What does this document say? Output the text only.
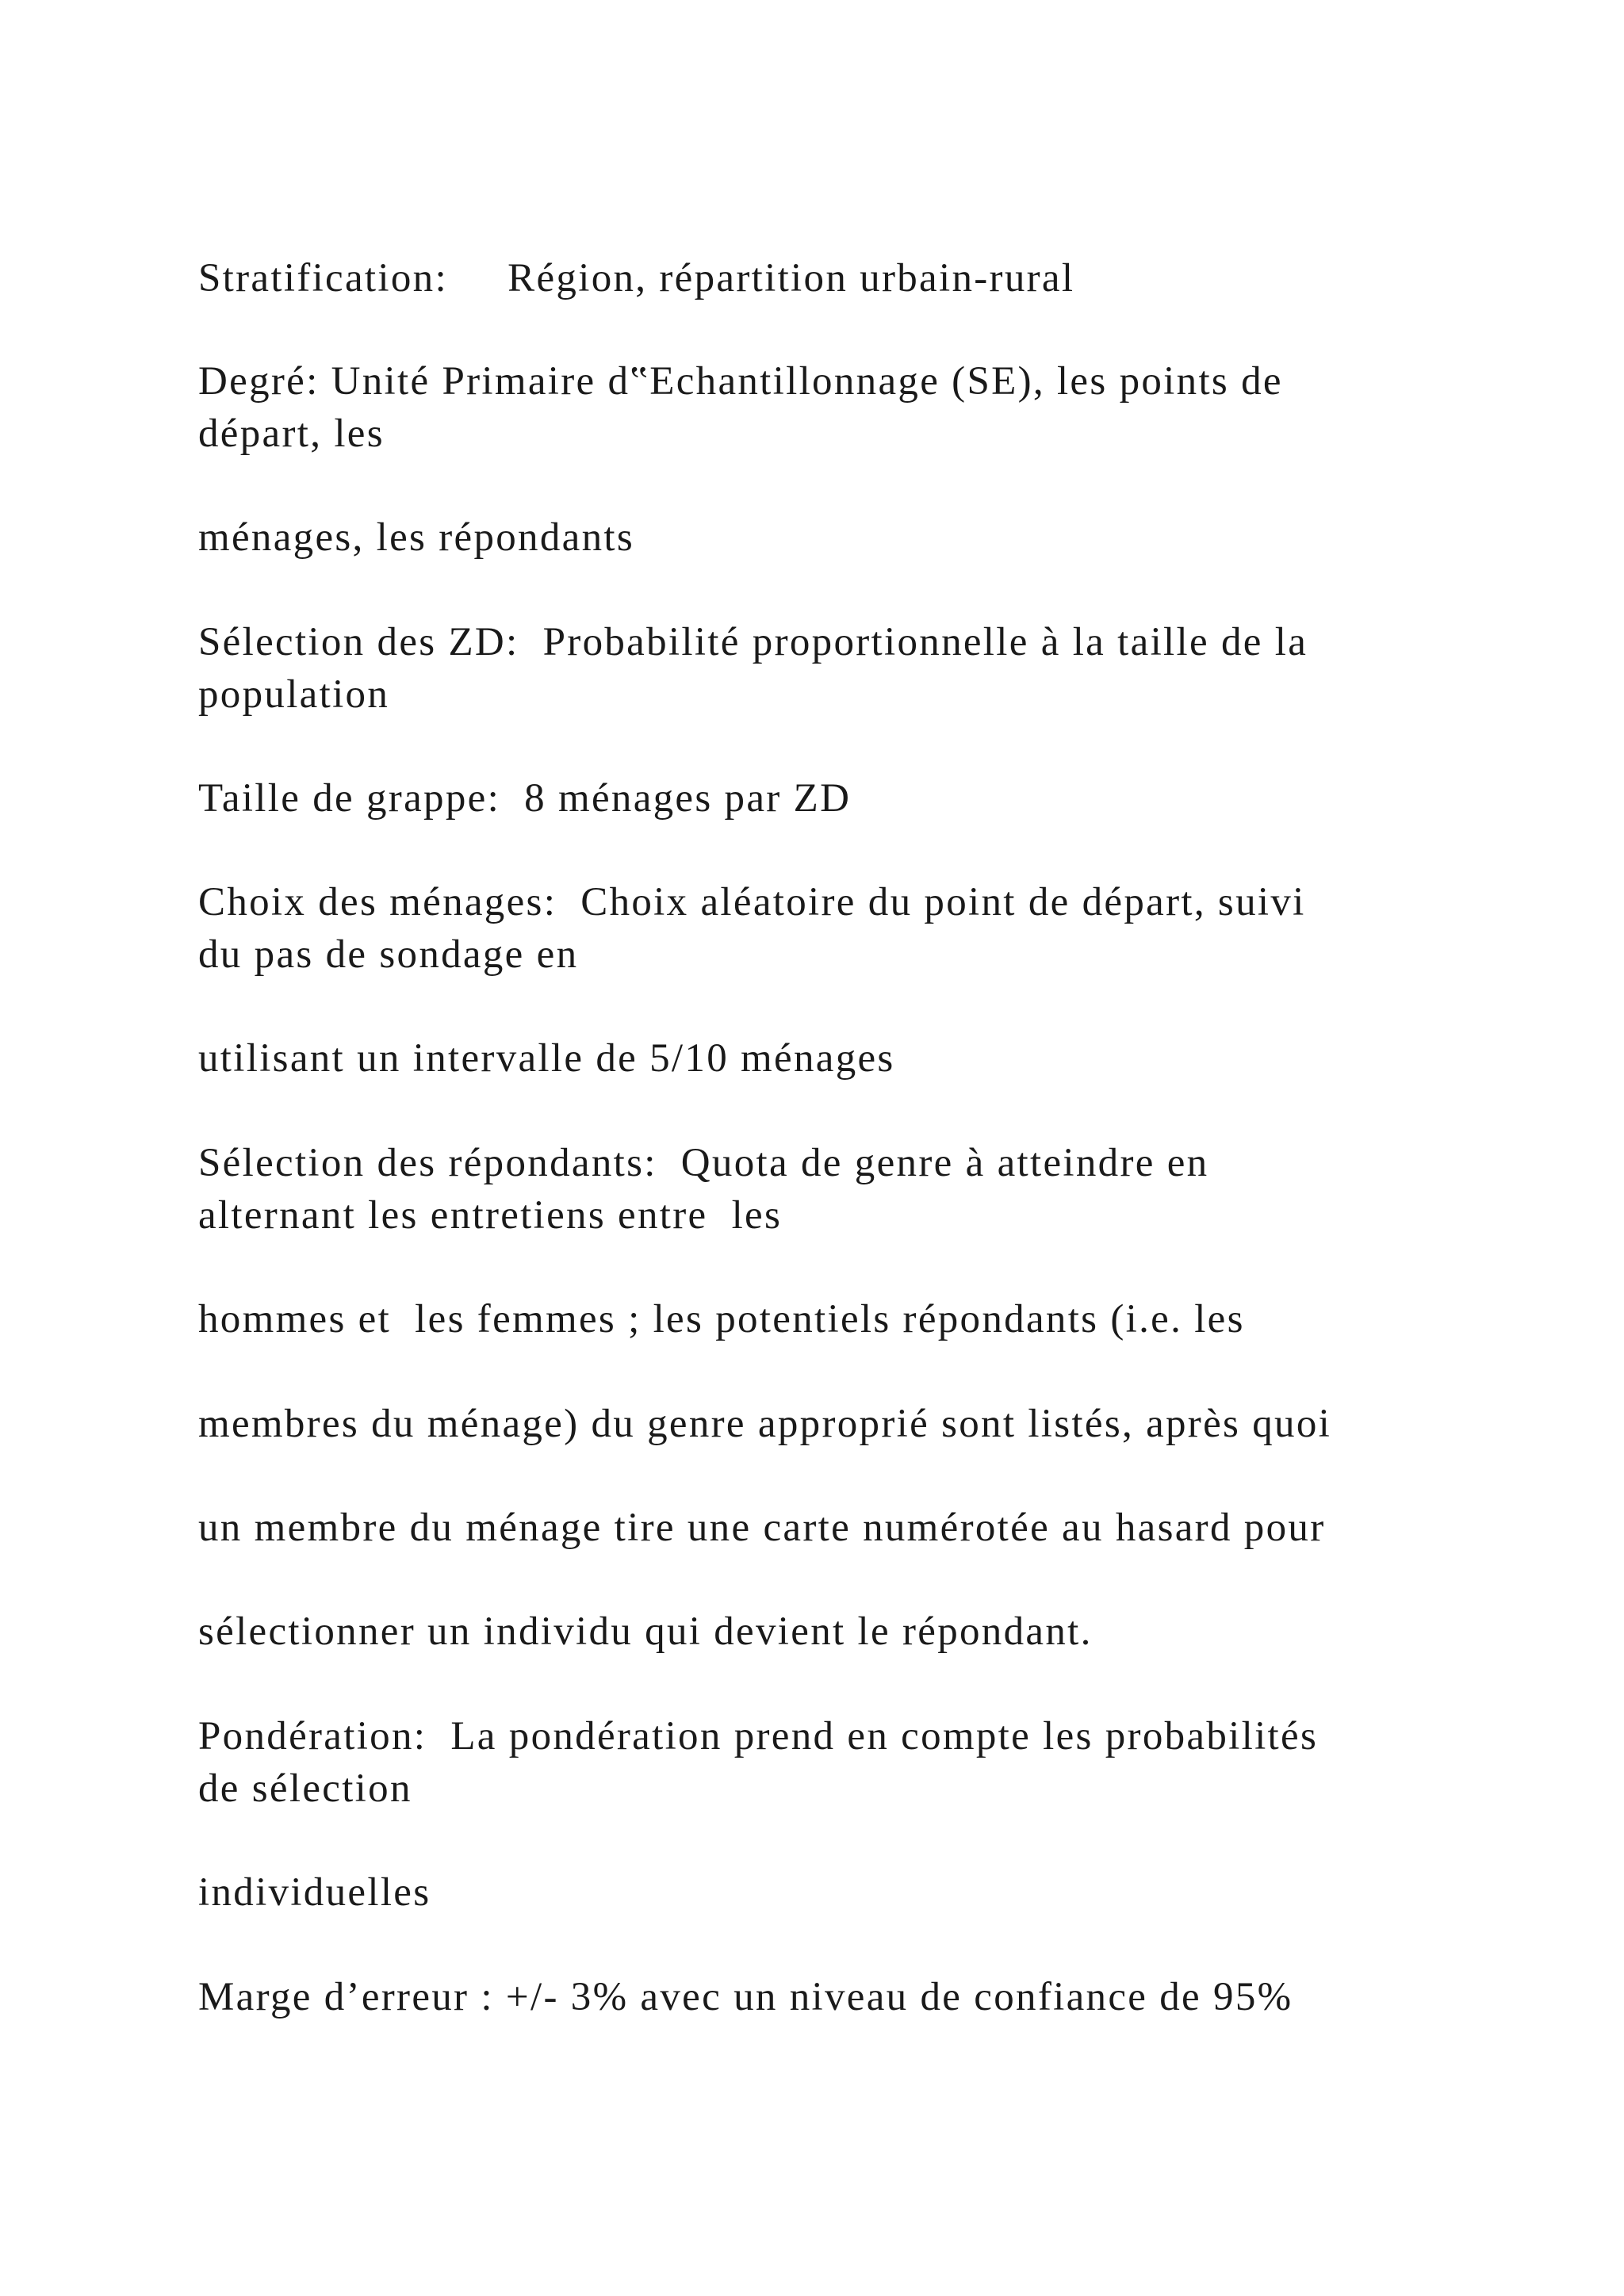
Stratification:     Région, répartition urbain-rural
Degré: Unité Primaire d‟Echantillonnage (SE), les points de
départ, les
ménages, les répondants
Sélection des ZD:  Probabilité proportionnelle à la taille de la
population
Taille de grappe:  8 ménages par ZD
Choix des ménages:  Choix aléatoire du point de départ, suivi
du pas de sondage en
utilisant un intervalle de 5/10 ménages
Sélection des répondants:  Quota de genre à atteindre en
alternant les entretiens entre  les
hommes et  les femmes ; les potentiels répondants (i.e. les
membres du ménage) du genre approprié sont listés, après quoi
un membre du ménage tire une carte numérotée au hasard pour
sélectionner un individu qui devient le répondant.
Pondération:  La pondération prend en compte les probabilités
de sélection
individuelles
Marge d’erreur : +/- 3% avec un niveau de confiance de 95%
